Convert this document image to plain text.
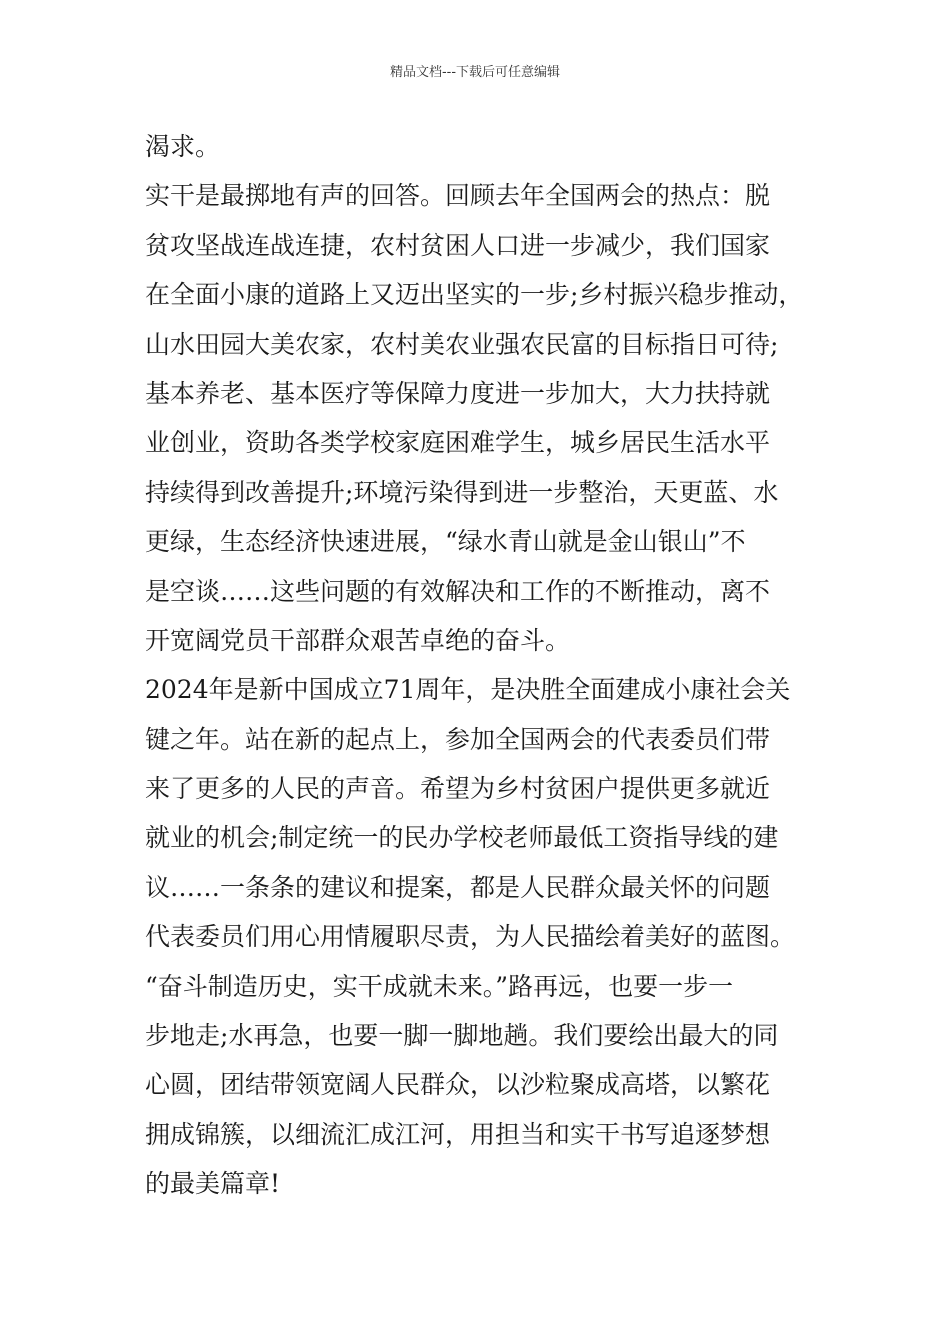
精品文档---下载后可任意编辑
渴求。
实干是最掷地有声的回答。回顾去年全国两会的热点：脱
贫攻坚战连战连捷，农村贫困人口进一步减少，我们国家
在全面小康的道路上又迈出坚实的一步;乡村振兴稳步推动，
山水田园大美农家，农村美农业强农民富的目标指日可待;
基本养老、基本医疗等保障力度进一步加大，大力扶持就
业创业，资助各类学校家庭困难学生，城乡居民生活水平
持续得到改善提升;环境污染得到进一步整治，天更蓝、水
更绿，生态经济快速进展，“绿水青山就是金山银山”不
是空谈……这些问题的有效解决和工作的不断推动，离不
开宽阔党员干部群众艰苦卓绝的奋斗。
2024年是新中国成立71周年，是决胜全面建成小康社会关
键之年。站在新的起点上，参加全国两会的代表委员们带
来了更多的人民的声音。希望为乡村贫困户提供更多就近
就业的机会;制定统一的民办学校老师最低工资指导线的建
议……一条条的建议和提案，都是人民群众最关怀的问题
代表委员们用心用情履职尽责，为人民描绘着美好的蓝图。
“奋斗制造历史，实干成就未来。”路再远，也要一步一
步地走;水再急，也要一脚一脚地趟。我们要绘出最大的同
心圆，团结带领宽阔人民群众，以沙粒聚成高塔，以繁花
拥成锦簇，以细流汇成江河，用担当和实干书写追逐梦想
的最美篇章!
